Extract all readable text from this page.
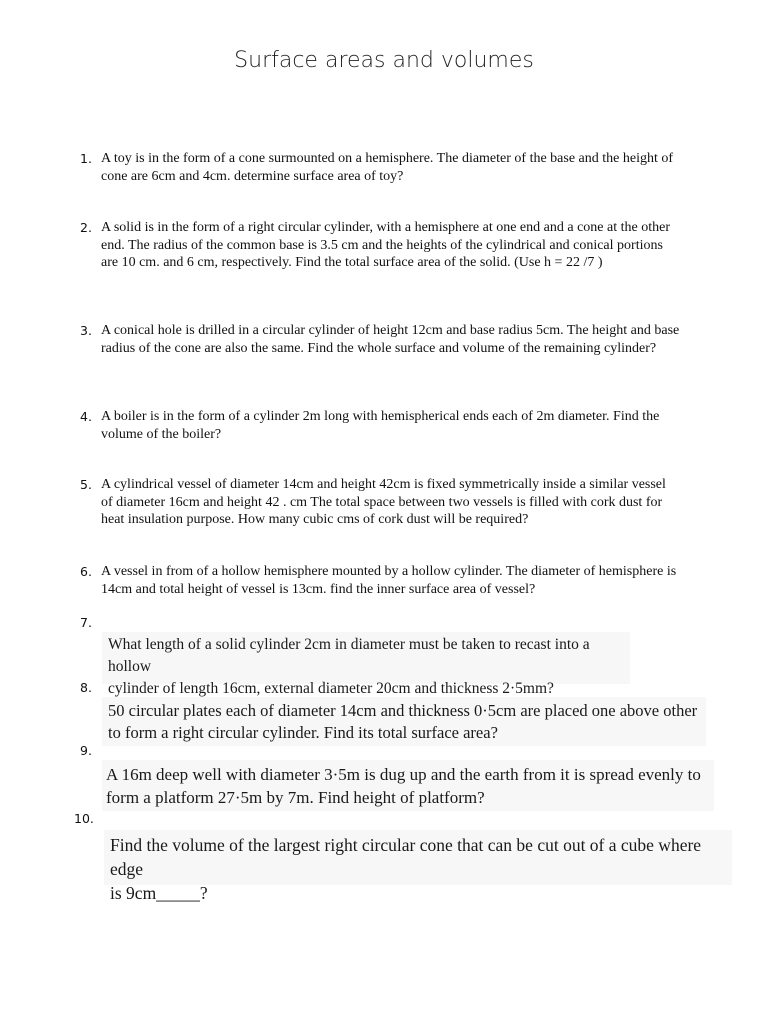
Surface areas and volumes
1. A toy is in the form of a cone surmounted on a hemisphere. The diameter of the base and the height of cone are 6cm and 4cm. determine surface area of toy?
2. A solid is in the form of a right circular cylinder, with a hemisphere at one end and a cone at the other end. The radius of the common base is 3.5 cm and the heights of the cylindrical and conical portions are 10 cm. and 6 cm, respectively. Find the total surface area of the solid. (Use h = 22 /7 )
3. A conical hole is drilled in a circular cylinder of height 12cm and base radius 5cm. The height and base radius of the cone are also the same. Find the whole surface and volume of the remaining cylinder?
4. A boiler is in the form of a cylinder 2m long with hemispherical ends each of 2m diameter. Find the volume of the boiler?
5. A cylindrical vessel of diameter 14cm and height 42cm is fixed symmetrically inside a similar vessel of diameter 16cm and height 42 . cm The total space between two vessels is filled with cork dust for heat insulation purpose. How many cubic cms of cork dust will be required?
6. A vessel in from of a hollow hemisphere mounted by a hollow cylinder. The diameter of hemisphere is 14cm and total height of vessel is 13cm. find the inner surface area of vessel?
7.
What length of a solid cylinder 2cm in diameter must be taken to recast into a hollow
cylinder of length 16cm, external diameter 20cm and thickness 2·5mm?
8.
50 circular plates each of diameter 14cm and thickness 0·5cm are placed one above other
to form a right circular cylinder. Find its total surface area?
9.
A 16m deep well with diameter 3·5m is dug up and the earth from it is spread evenly to
form a platform 27·5m by 7m. Find height of platform?
10.
Find the volume of the largest right circular cone that can be cut out of a cube where edge
is 9cm_____?
